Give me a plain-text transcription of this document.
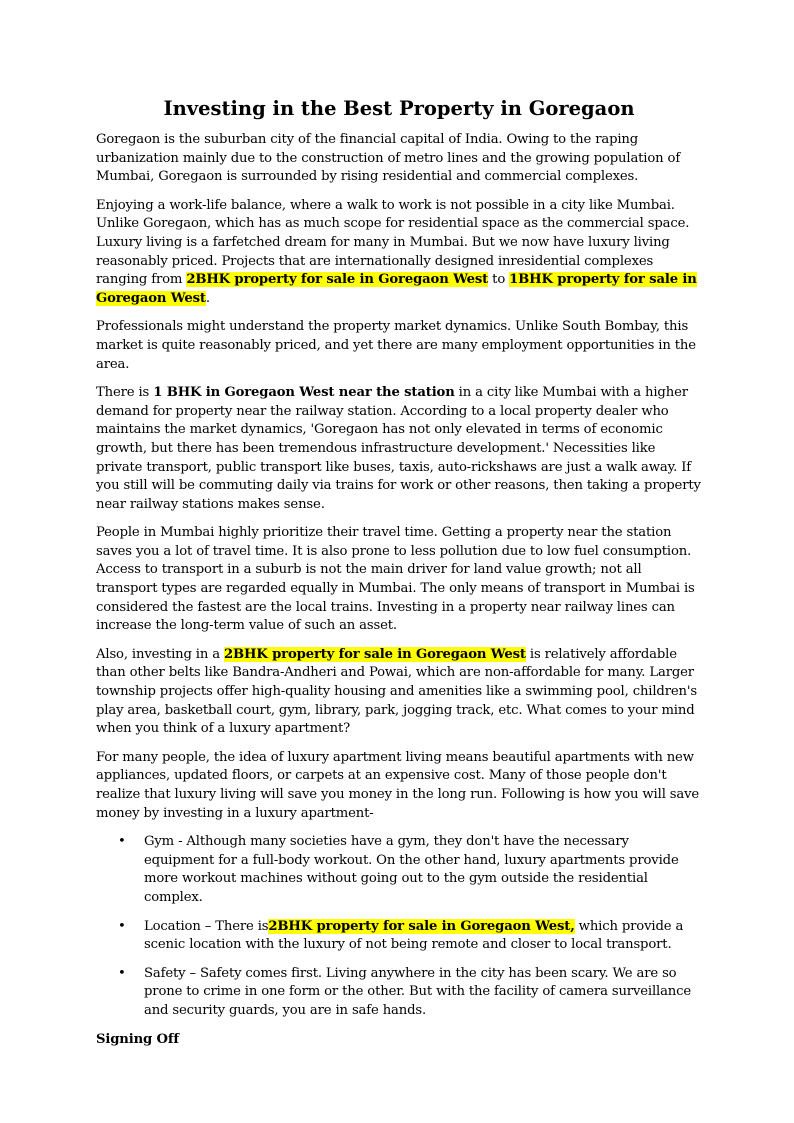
Investing in the Best Property in Goregaon

Goregaon is the suburban city of the financial capital of India. Owing to the raping urbanization mainly due to the construction of metro lines and the growing population of Mumbai, Goregaon is surrounded by rising residential and commercial complexes.

Enjoying a work-life balance, where a walk to work is not possible in a city like Mumbai. Unlike Goregaon, which has as much scope for residential space as the commercial space. Luxury living is a farfetched dream for many in Mumbai. But we now have luxury living reasonably priced. Projects that are internationally designed inresidential complexes ranging from 2BHK property for sale in Goregaon West to 1BHK property for sale in Goregaon West.

Professionals might understand the property market dynamics. Unlike South Bombay, this market is quite reasonably priced, and yet there are many employment opportunities in the area.

There is 1 BHK in Goregaon West near the station in a city like Mumbai with a higher demand for property near the railway station. According to a local property dealer who maintains the market dynamics, 'Goregaon has not only elevated in terms of economic growth, but there has been tremendous infrastructure development.' Necessities like private transport, public transport like buses, taxis, auto-rickshaws are just a walk away. If you still will be commuting daily via trains for work or other reasons, then taking a property near railway stations makes sense.

People in Mumbai highly prioritize their travel time. Getting a property near the station saves you a lot of travel time. It is also prone to less pollution due to low fuel consumption. Access to transport in a suburb is not the main driver for land value growth; not all transport types are regarded equally in Mumbai. The only means of transport in Mumbai is considered the fastest are the local trains. Investing in a property near railway lines can increase the long-term value of such an asset.

Also, investing in a 2BHK property for sale in Goregaon West is relatively affordable than other belts like Bandra-Andheri and Powai, which are non-affordable for many. Larger township projects offer high-quality housing and amenities like a swimming pool, children's play area, basketball court, gym, library, park, jogging track, etc. What comes to your mind when you think of a luxury apartment?

For many people, the idea of luxury apartment living means beautiful apartments with new appliances, updated floors, or carpets at an expensive cost. Many of those people don't realize that luxury living will save you money in the long run. Following is how you will save money by investing in a luxury apartment-

• Gym - Although many societies have a gym, they don't have the necessary equipment for a full-body workout. On the other hand, luxury apartments provide more workout machines without going out to the gym outside the residential complex.
• Location – There is2BHK property for sale in Goregaon West, which provide a scenic location with the luxury of not being remote and closer to local transport.
• Safety – Safety comes first. Living anywhere in the city has been scary. We are so prone to crime in one form or the other. But with the facility of camera surveillance and security guards, you are in safe hands.

Signing Off
